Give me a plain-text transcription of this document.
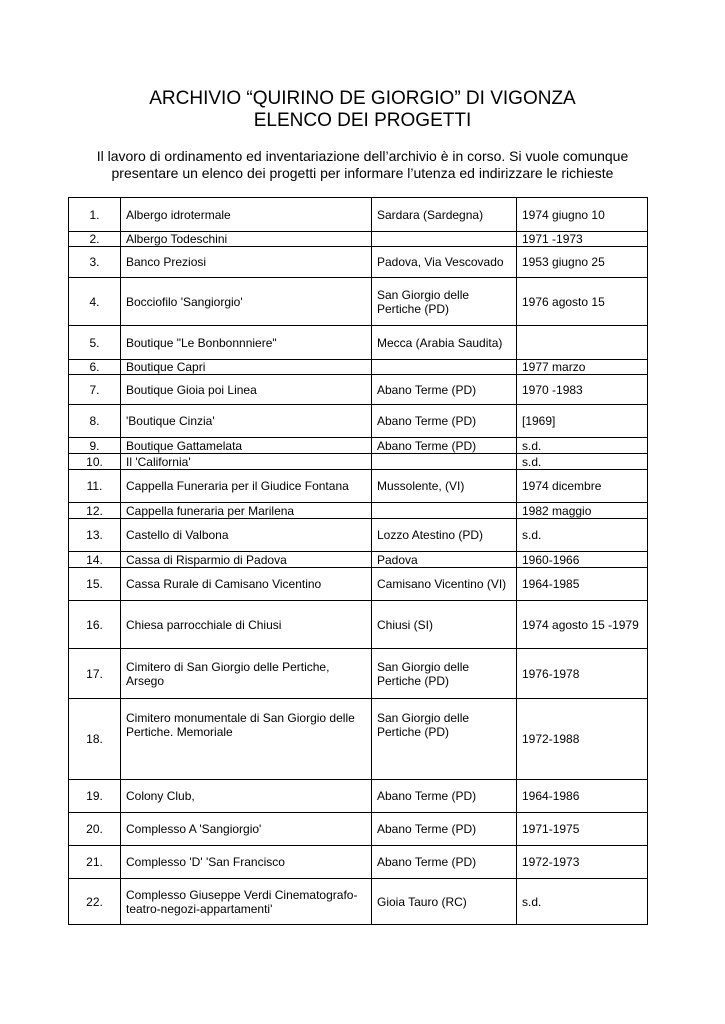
ARCHIVIO “QUIRINO DE GIORGIO” DI VIGONZA
ELENCO DEI PROGETTI
Il lavoro di ordinamento ed inventariazione dell’archivio è in corso. Si vuole comunque
presentare un elenco dei progetti per informare l’utenza ed indirizzare le richieste
1.	Albergo idrotermale	Sardara (Sardegna)	1974 giugno 10
2.	Albergo Todeschini		1971 -1973
3.	Banco Preziosi	Padova, Via Vescovado	1953 giugno 25
4.	Bocciofilo 'Sangiorgio'	San Giorgio delle Pertiche (PD)	1976 agosto 15
5.	Boutique "Le Bonbonnniere"	Mecca (Arabia Saudita)	
6.	Boutique Capri		1977 marzo
7.	Boutique Gioia poi Linea	Abano Terme (PD)	1970 -1983
8.	'Boutique Cinzia'	Abano Terme (PD)	[1969]
9.	Boutique Gattamelata	Abano Terme (PD)	s.d.
10.	Il 'California'		s.d.
11.	Cappella Funeraria per il Giudice Fontana	Mussolente, (VI)	1974 dicembre
12.	Cappella funeraria per Marilena		1982 maggio
13.	Castello di Valbona	Lozzo Atestino (PD)	s.d.
14.	Cassa di Risparmio di Padova	Padova	1960-1966
15.	Cassa Rurale di Camisano Vicentino	Camisano Vicentino (VI)	1964-1985
16.	Chiesa parrocchiale di Chiusi	Chiusi (SI)	1974 agosto 15 -1979
17.	Cimitero di San Giorgio delle Pertiche, Arsego	San Giorgio delle Pertiche (PD)	1976-1978
18.	Cimitero monumentale di San Giorgio delle Pertiche. Memoriale	San Giorgio delle Pertiche (PD)	1972-1988
19.	Colony Club,	Abano Terme (PD)	1964-1986
20.	Complesso A 'Sangiorgio'	Abano Terme (PD)	1971-1975
21.	Complesso 'D' 'San Francisco	Abano Terme (PD)	1972-1973
22.	Complesso Giuseppe Verdi Cinematografo-teatro-negozi-appartamenti'	Gioia Tauro (RC)	s.d.
